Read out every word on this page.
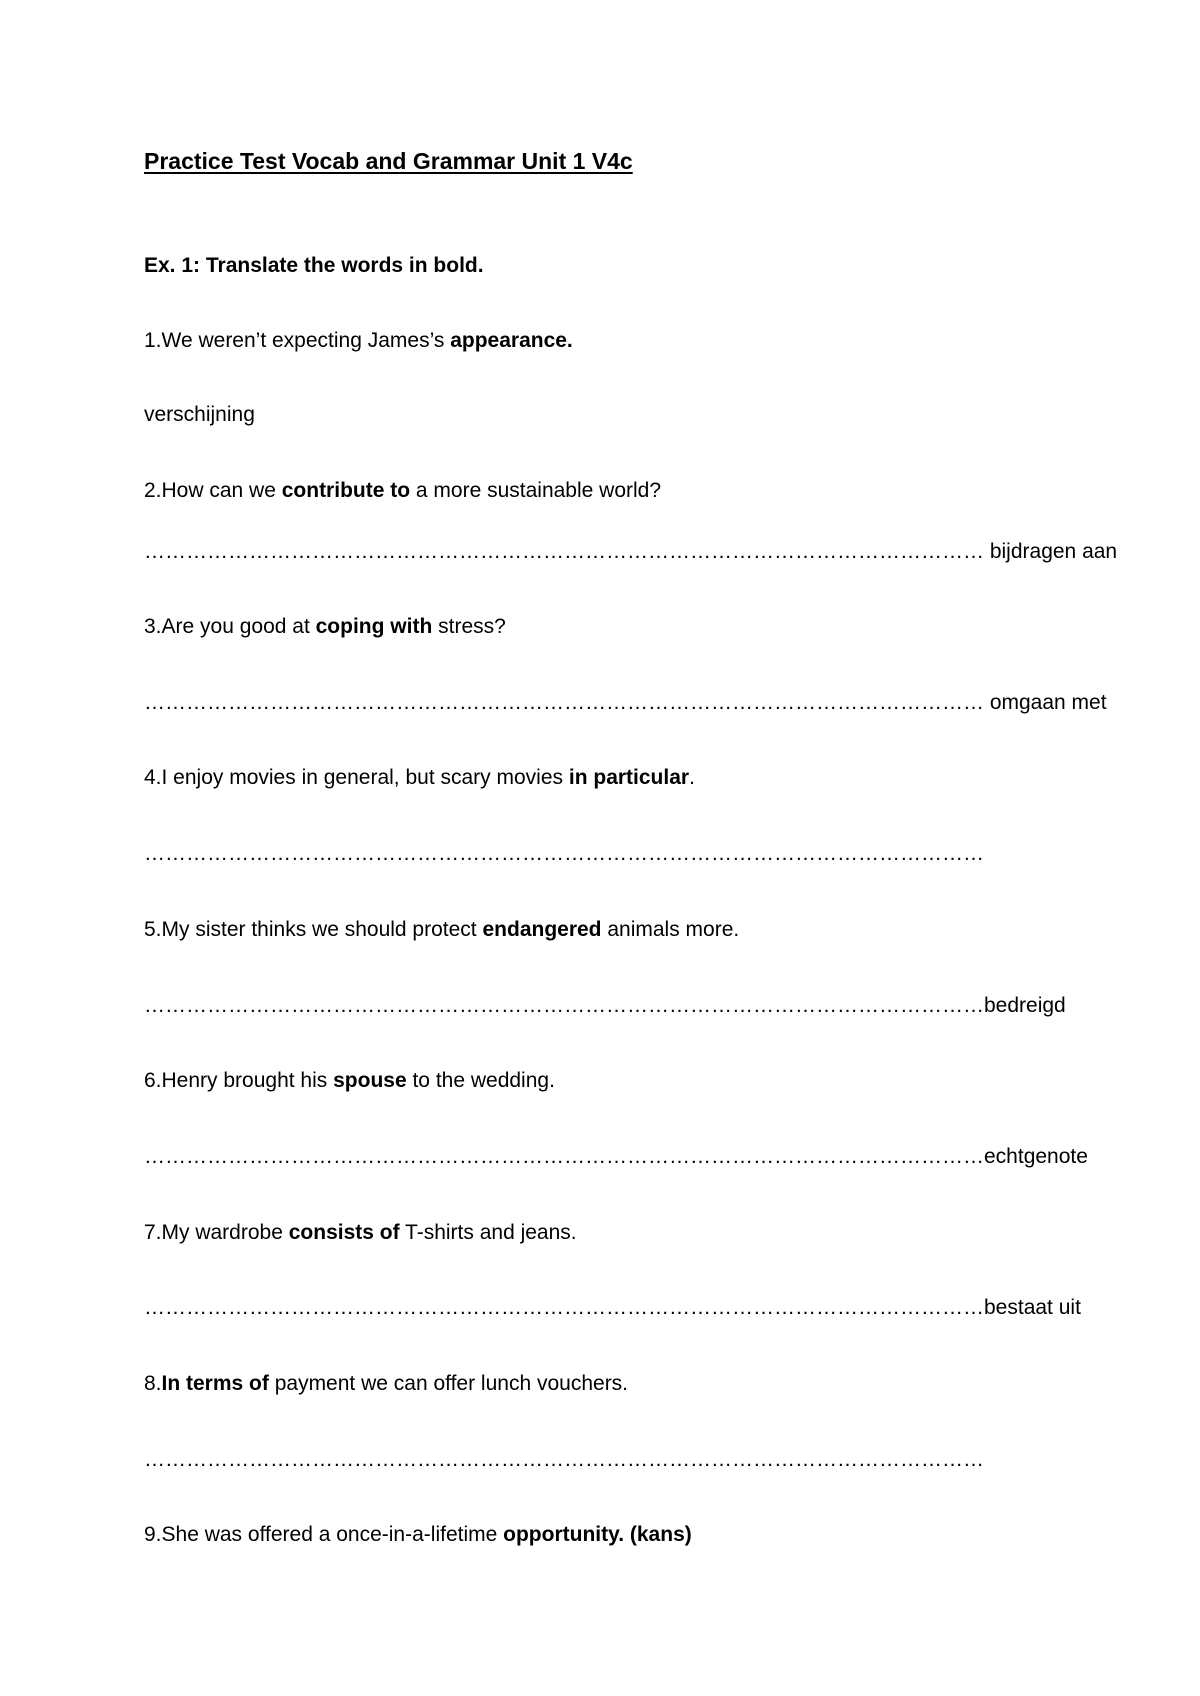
Practice Test Vocab and Grammar Unit 1 V4c
Ex. 1: Translate the words in bold.
1.We weren’t expecting James’s appearance.
verschijning
2.How can we contribute to a more sustainable world?
………………………………………………………………………………………………………… bijdragen aan
3.Are you good at coping with stress?
………………………………………………………………………………………………………… omgaan met
4.I enjoy movies in general, but scary movies in particular.
…………………………………………………………………………………………………………
5.My sister thinks we should protect endangered animals more.
…………………………………………………………………………………………………………bedreigd
6.Henry brought his spouse to the wedding.
…………………………………………………………………………………………………………echtgenote
7.My wardrobe consists of T-shirts and jeans.
…………………………………………………………………………………………………………bestaat uit
8.In terms of payment we can offer lunch vouchers.
…………………………………………………………………………………………………………
9.She was offered a once-in-a-lifetime opportunity. (kans)
